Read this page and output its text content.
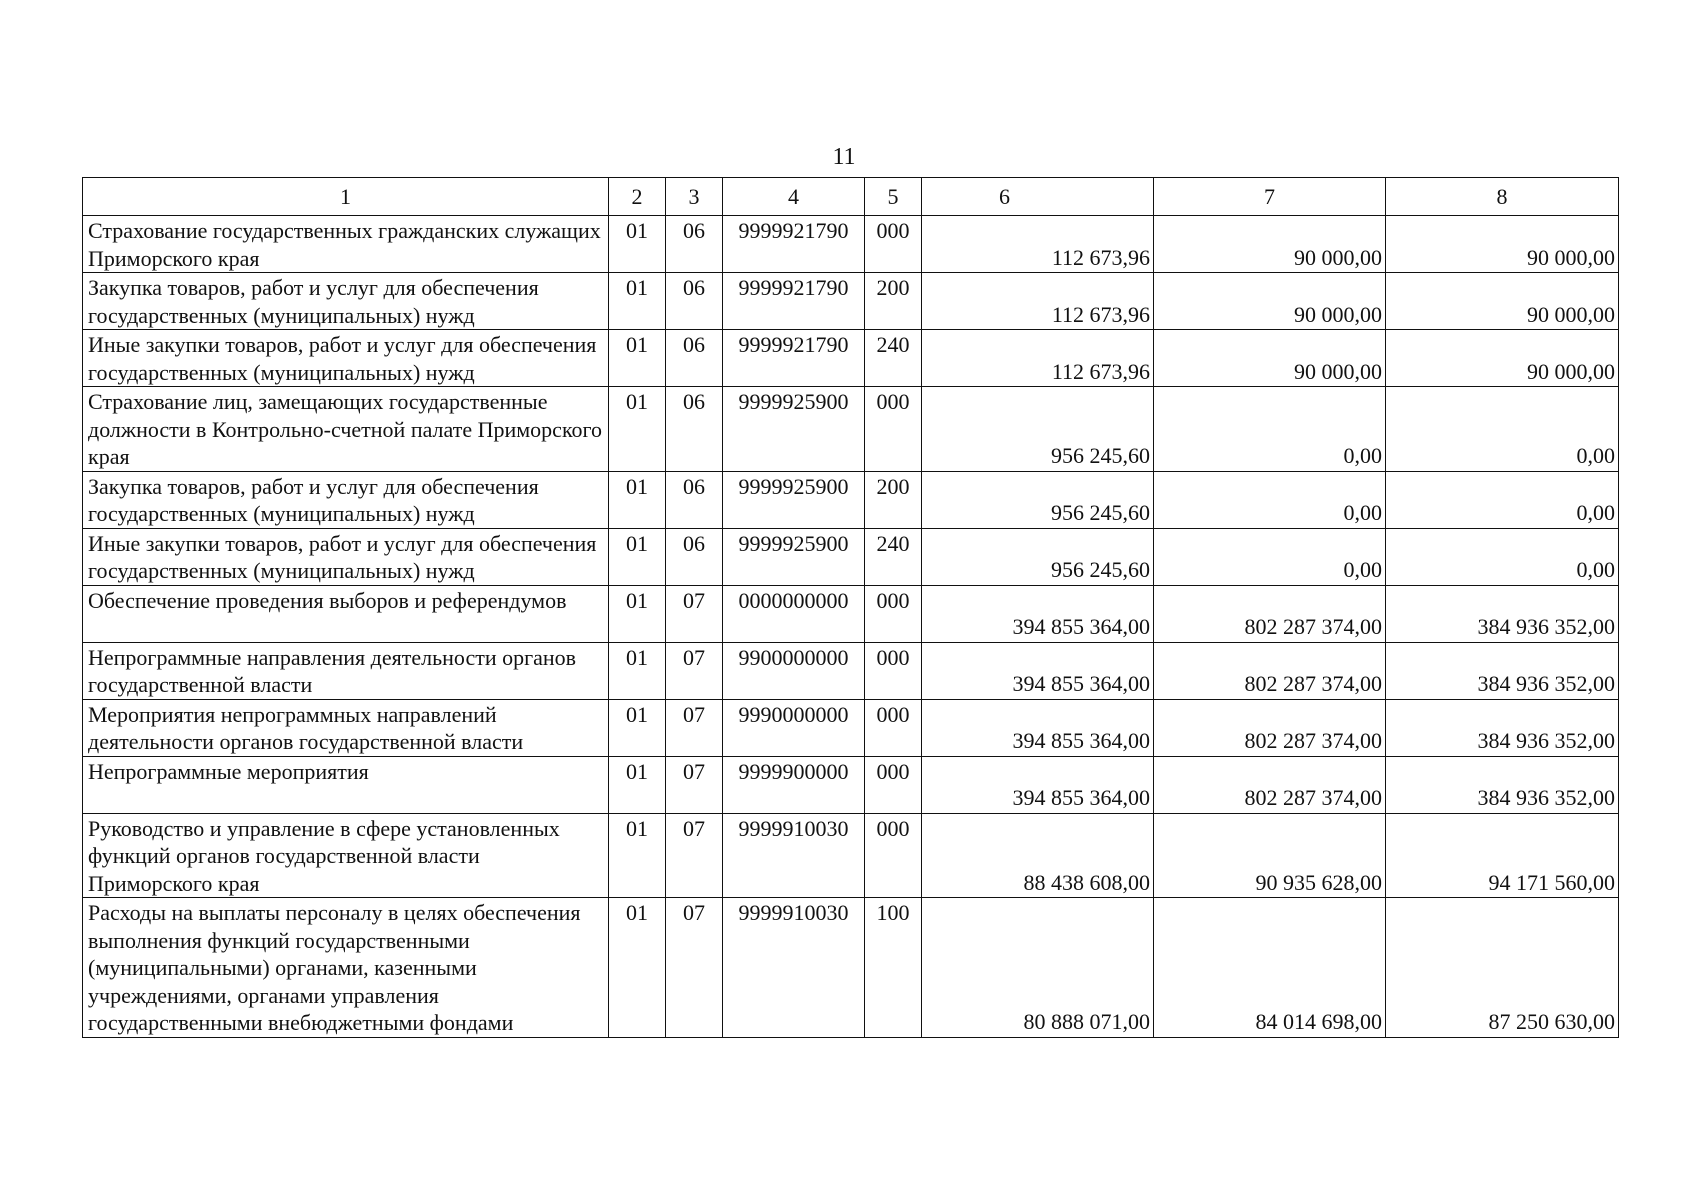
11
1	2	3	4	5	6	7	8
Страхование государственных гражданских служащих Приморского края	01	06	9999921790	000	112 673,96	90 000,00	90 000,00
Закупка товаров, работ и услуг для обеспечения государственных (муниципальных) нужд	01	06	9999921790	200	112 673,96	90 000,00	90 000,00
Иные закупки товаров, работ и услуг для обеспечения государственных (муниципальных) нужд	01	06	9999921790	240	112 673,96	90 000,00	90 000,00
Страхование лиц, замещающих государственные должности в Контрольно-счетной палате Приморского края	01	06	9999925900	000	956 245,60	0,00	0,00
Закупка товаров, работ и услуг для обеспечения государственных (муниципальных) нужд	01	06	9999925900	200	956 245,60	0,00	0,00
Иные закупки товаров, работ и услуг для обеспечения государственных (муниципальных) нужд	01	06	9999925900	240	956 245,60	0,00	0,00
Обеспечение проведения выборов и референдумов	01	07	0000000000	000	394 855 364,00	802 287 374,00	384 936 352,00
Непрограммные направления деятельности органов государственной власти	01	07	9900000000	000	394 855 364,00	802 287 374,00	384 936 352,00
Мероприятия непрограммных направлений деятельности органов государственной власти	01	07	9990000000	000	394 855 364,00	802 287 374,00	384 936 352,00
Непрограммные мероприятия	01	07	9999900000	000	394 855 364,00	802 287 374,00	384 936 352,00
Руководство и управление в сфере установленных функций органов государственной власти Приморского края	01	07	9999910030	000	88 438 608,00	90 935 628,00	94 171 560,00
Расходы на выплаты персоналу в целях обеспечения выполнения функций государственными (муниципальными) органами, казенными учреждениями, органами управления государственными внебюджетными фондами	01	07	9999910030	100	80 888 071,00	84 014 698,00	87 250 630,00
